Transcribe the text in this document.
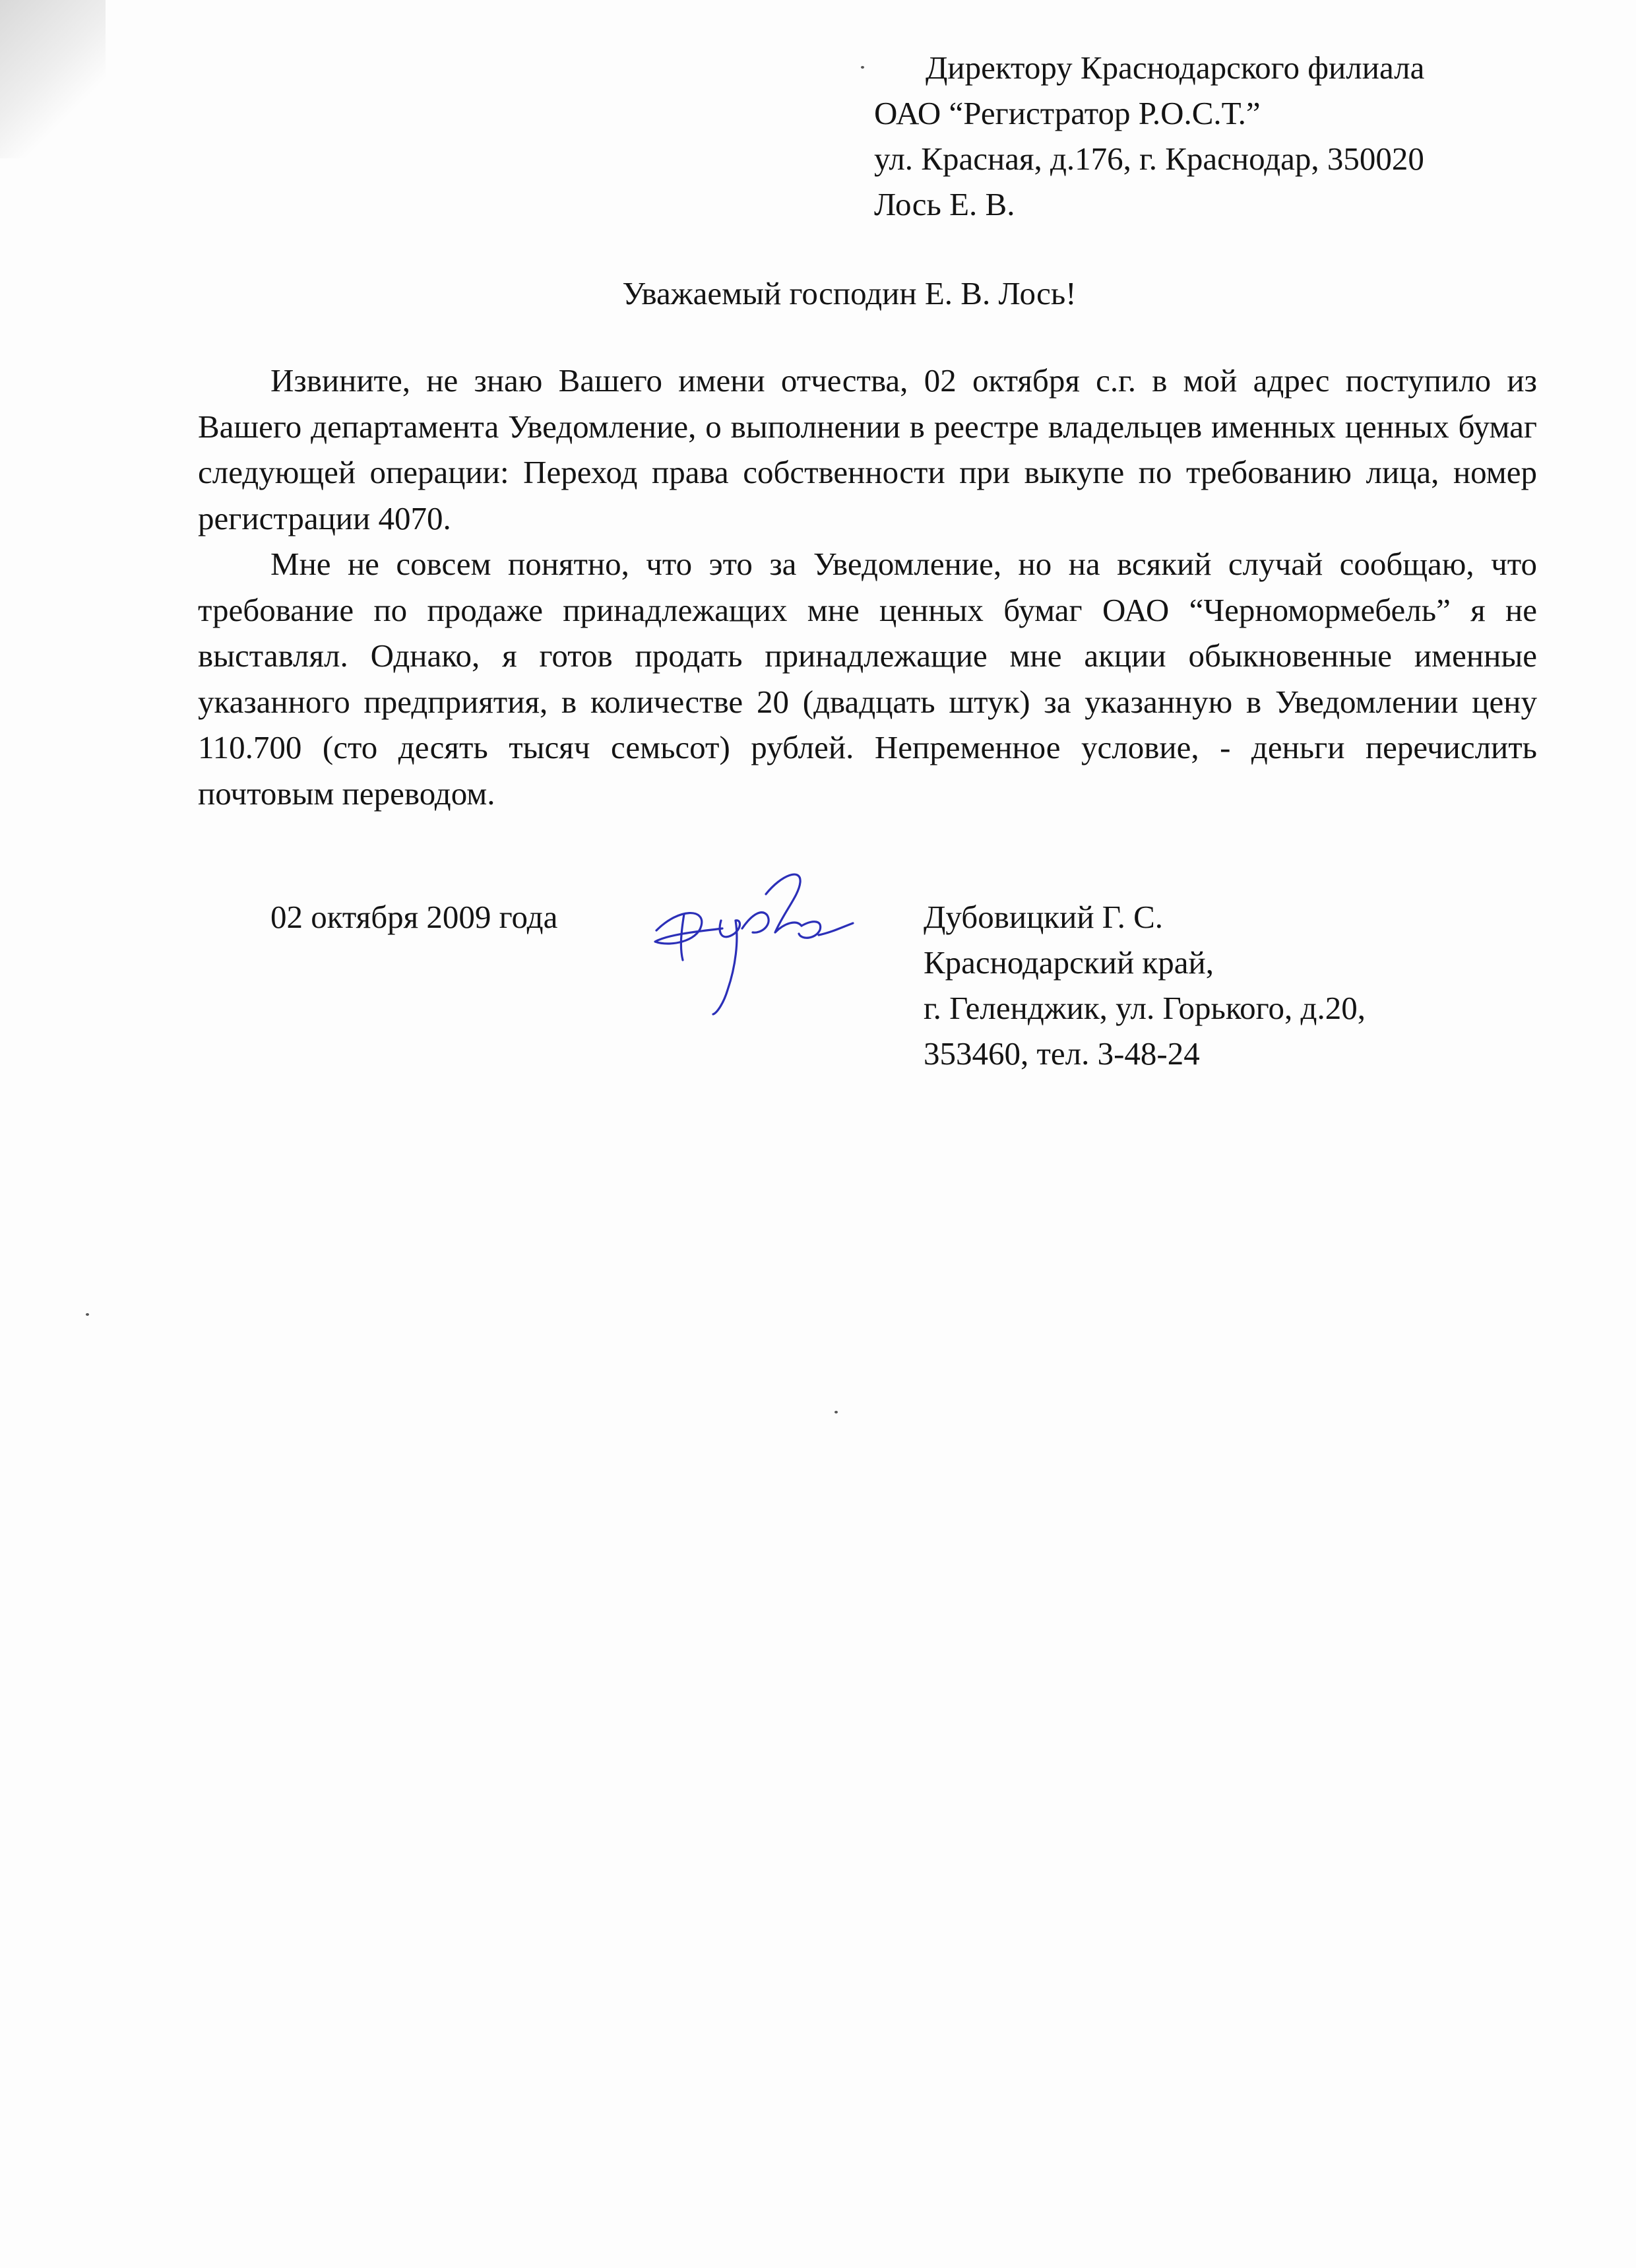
Директору Краснодарского филиала
ОАО “Регистратор Р.О.С.Т.”
ул. Красная, д.176, г. Краснодар, 350020
Лось Е. В.
Уважаемый господин Е. В. Лось!

Извините, не знаю Вашего имени отчества, 02 октября с.г. в мой адрес поступило из Вашего департамента Уведомление, о выполнении в реестре владельцев именных ценных бумаг следующей операции: Переход права собственности при выкупе по требованию лица, номер регистрации 4070.

Мне не совсем понятно, что это за Уведомление, но на всякий случай сообщаю, что требование по продаже принадлежащих мне ценных бумаг ОАО “Черномормебель” я не выставлял. Однако, я готов продать принадлежащие мне акции обыкновенные именные указанного предприятия, в количестве 20 (двадцать штук) за указанную в Уведомлении цену 110.700 (сто десять тысяч семьсот) рублей. Непременное условие, - деньги перечислить почтовым переводом.

02 октября 2009 года	Дубовицкий Г. С.
Краснодарский край,
г. Геленджик, ул. Горького, д.20,
353460, тел. 3-48-24
